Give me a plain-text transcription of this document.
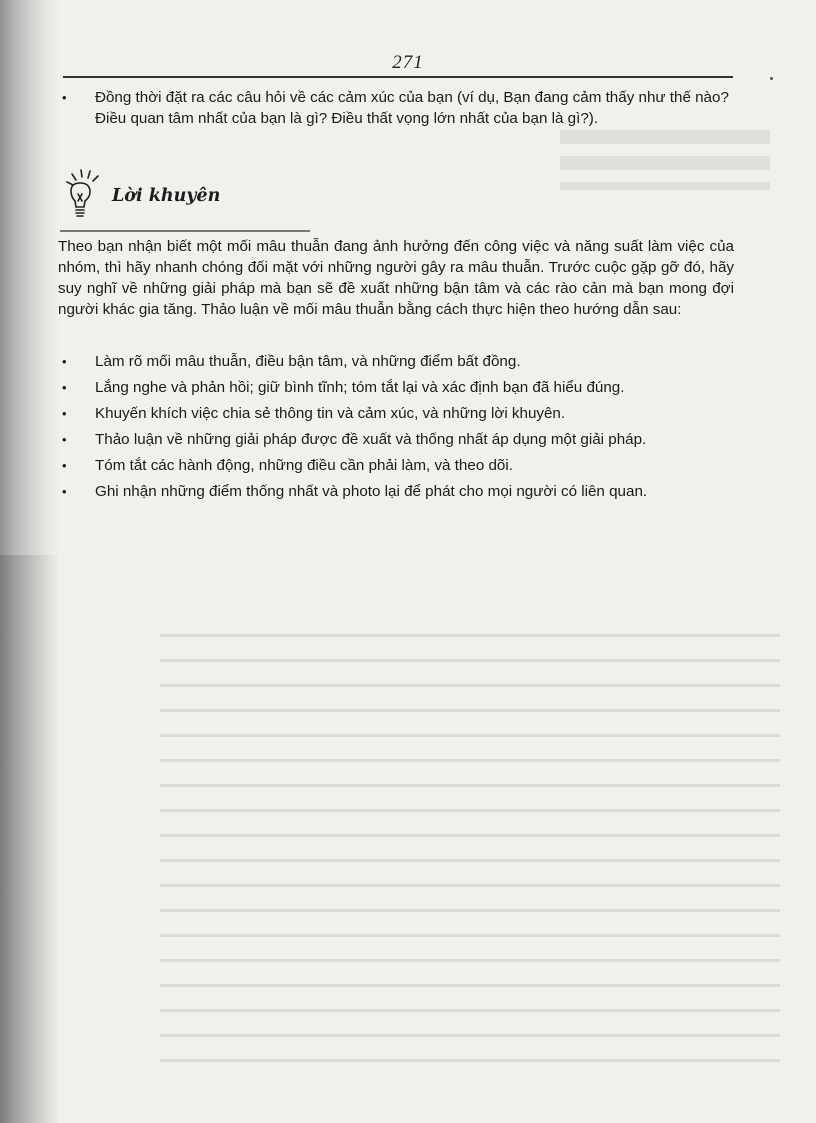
271
• Đồng thời đặt ra các câu hỏi về các cảm xúc của bạn (ví dụ, Bạn đang cảm thấy như thế nào? Điều quan tâm nhất của bạn là gì? Điều thất vọng lớn nhất của bạn là gì?).
Lời khuyên

Theo bạn nhận biết một mối mâu thuẫn đang ảnh hưởng đến công việc và năng suất làm việc của nhóm, thì hãy nhanh chóng đối mặt với những người gây ra mâu thuẫn. Trước cuộc gặp gỡ đó, hãy suy nghĩ về những giải pháp mà bạn sẽ đề xuất những bận tâm và các rào cản mà bạn mong đợi người khác gia tăng. Thảo luận về mối mâu thuẫn bằng cách thực hiện theo hướng dẫn sau:

• Làm rõ mối mâu thuẫn, điều bận tâm, và những điểm bất đồng.
• Lắng nghe và phản hồi; giữ bình tĩnh; tóm tắt lại và xác định bạn đã hiểu đúng.
• Khuyến khích việc chia sẻ thông tin và cảm xúc, và những lời khuyên.
• Thảo luận về những giải pháp được đề xuất và thống nhất áp dụng một giải pháp.
• Tóm tắt các hành động, những điều cần phải làm, và theo dõi.
• Ghi nhận những điểm thống nhất và photo lại để phát cho mọi người có liên quan.
